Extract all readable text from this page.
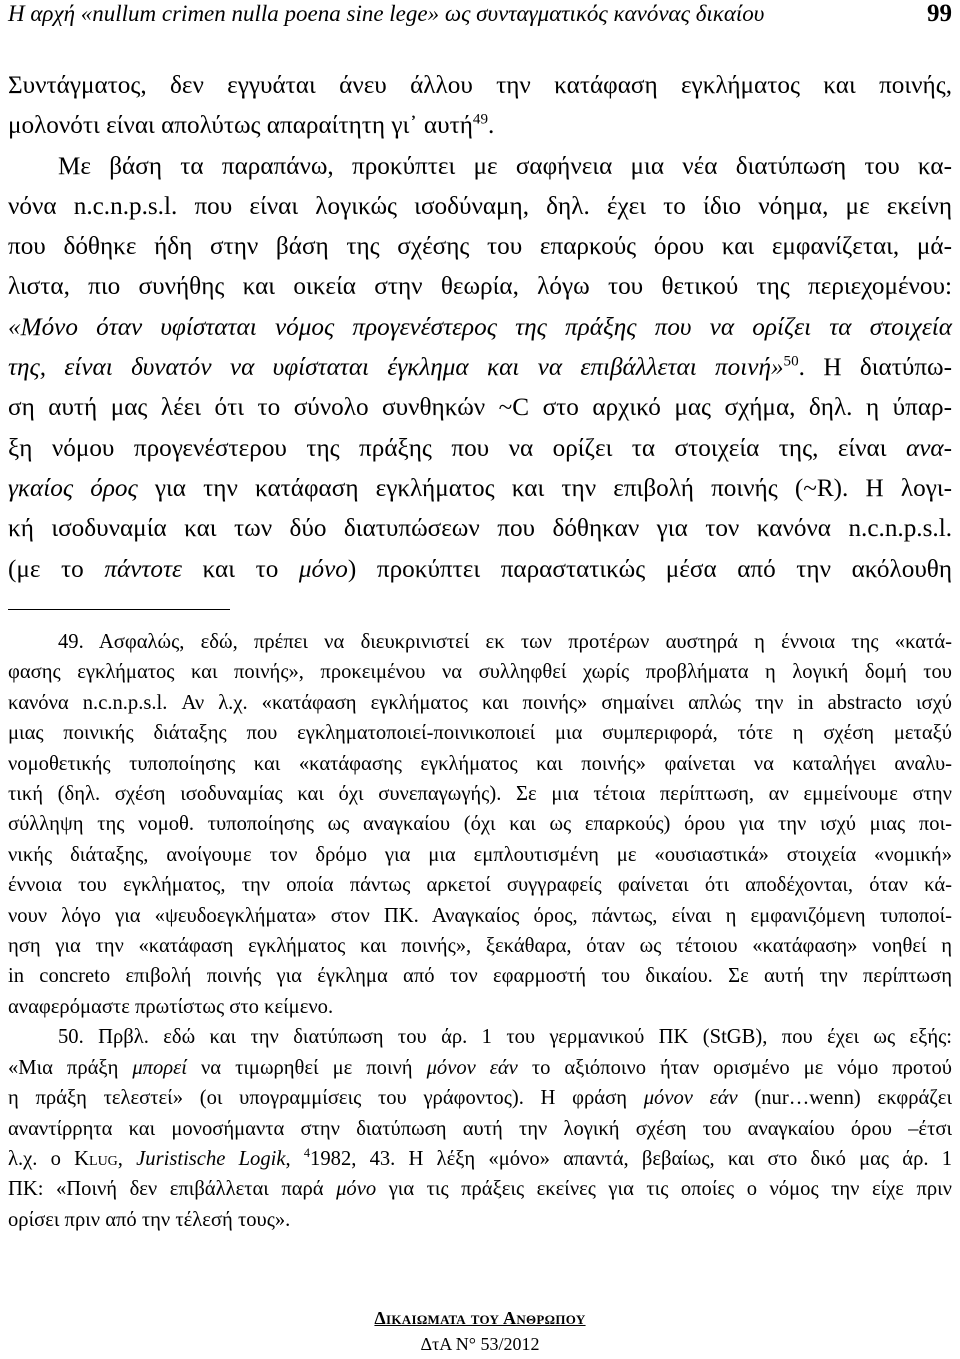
Η αρχή «nullum crimen nulla poena sine lege» ως συνταγματικός κανόνας δικαίου	99
Συντάγματος, δεν εγγυάται άνευ άλλου την κατάφαση εγκλήματος και ποινής,
μολονότι είναι απολύτως απαραίτητη γι᾽ αυτή$^{49}$.
Με βάση τα παραπάνω, προκύπτει με σαφήνεια μια νέα διατύπωση του κα-
νόνα n.c.n.p.s.l. που είναι λογικώς ισοδύναμη, δηλ. έχει το ίδιο νόημα, με εκείνη
που δόθηκε ήδη στην βάση της σχέσης του επαρκούς όρου και εμφανίζεται, μά-
λιστα, πιο συνήθης και οικεία στην θεωρία, λόγω του θετικού της περιεχομένου:
«Μόνο όταν υφίσταται νόμος προγενέστερος της πράξης που να ορίζει τα στοιχεία
της, είναι δυνατόν να υφίσταται έγκλημα και να επιβάλλεται ποινή»$^{50}$. Η διατύπω-
ση αυτή μας λέει ότι το σύνολο συνθηκών ~C στο αρχικό μας σχήμα, δηλ. η ύπαρ-
ξη νόμου προγενέστερου της πράξης που να ορίζει τα στοιχεία της, είναι ανα-
γκαίος όρος για την κατάφαση εγκλήματος και την επιβολή ποινής (~R). Η λογι-
κή ισοδυναμία και των δύο διατυπώσεων που δόθηκαν για τον κανόνα n.c.n.p.s.l.
(με το πάντοτε και το μόνο) προκύπτει παραστατικώς μέσα από την ακόλουθη
49. Ασφαλώς, εδώ, πρέπει να διευκρινιστεί εκ των προτέρων αυστηρά η έννοια της «κατά-
φασης εγκλήματος και ποινής», προκειμένου να συλληφθεί χωρίς προβλήματα η λογική δομή του
κανόνα n.c.n.p.s.l. Αν λ.χ. «κατάφαση εγκλήματος και ποινής» σημαίνει απλώς την in abstracto ισχύ
μιας ποινικής διάταξης που εγκληματοποιεί-ποινικοποιεί μια συμπεριφορά, τότε η σχέση μεταξύ
νομοθετικής τυποποίησης και «κατάφασης εγκλήματος και ποινής» φαίνεται να καταλήγει αναλυ-
τική (δηλ. σχέση ισοδυναμίας και όχι συνεπαγωγής). Σε μια τέτοια περίπτωση, αν εμμείνουμε στην
σύλληψη της νομοθ. τυποποίησης ως αναγκαίου (όχι και ως επαρκούς) όρου για την ισχύ μιας ποι-
νικής διάταξης, ανοίγουμε τον δρόμο για μια εμπλουτισμένη με «ουσιαστικά» στοιχεία «νομική»
έννοια του εγκλήματος, την οποία πάντως αρκετοί συγγραφείς φαίνεται ότι αποδέχονται, όταν κά-
νουν λόγο για «ψευδοεγκλήματα» στον ΠΚ. Αναγκαίος όρος, πάντως, είναι η εμφανιζόμενη τυποποί-
ηση για την «κατάφαση εγκλήματος και ποινής», ξεκάθαρα, όταν ως τέτοιου «κατάφαση» νοηθεί η
in concreto επιβολή ποινής για έγκλημα από τον εφαρμοστή του δικαίου. Σε αυτή την περίπτωση
αναφερόμαστε πρωτίστως στο κείμενο.
50. Πρβλ. εδώ και την διατύπωση του άρ. 1 του γερμανικού ΠΚ (StGB), που έχει ως εξής:
«Μια πράξη μπορεί να τιμωρηθεί με ποινή μόνον εάν το αξιόποινο ήταν ορισμένο με νόμο προτού
η πράξη τελεστεί» (οι υπογραμμίσεις του γράφοντος). Η φράση μόνον εάν (nur…wenn) εκφράζει
αναντίρρητα και μονοσήμαντα στην διατύπωση αυτή την λογική σχέση του αναγκαίου όρου –έτσι
λ.χ. ο Klug, Juristische Logik, $^4$1982, 43. Η λέξη «μόνο» απαντά, βεβαίως, και στο δικό μας άρ. 1
ΠΚ: «Ποινή δεν επιβάλλεται παρά μόνο για τις πράξεις εκείνες για τις οποίες ο νόμος την είχε πριν
ορίσει πριν από την τέλεσή τους».
Δικαιωματα του Ανθρωπου
ΔτΑ Ν° 53/2012
